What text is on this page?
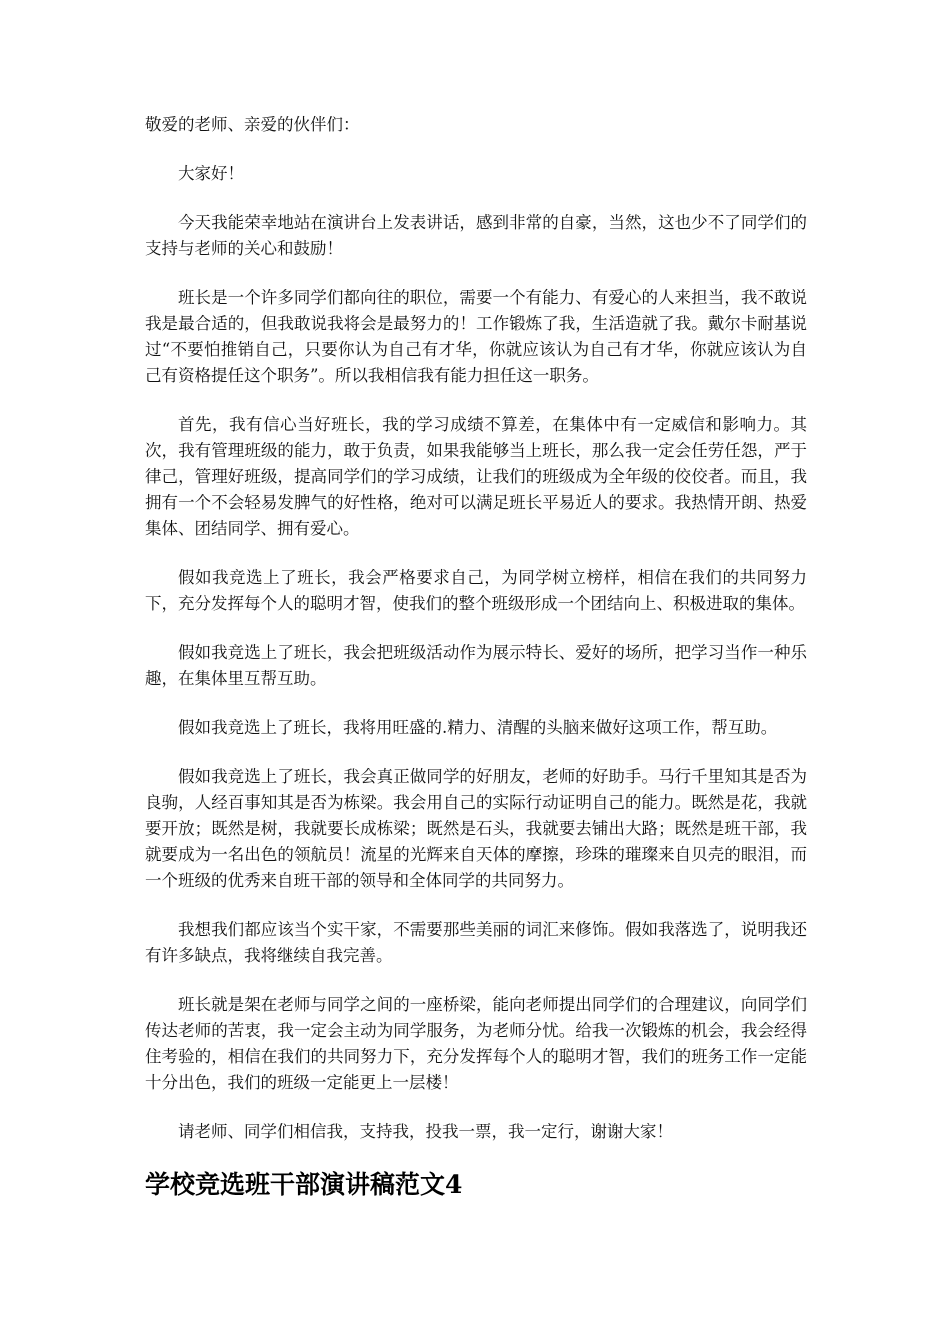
敬爱的老师、亲爱的伙伴们：

大家好！

今天我能荣幸地站在演讲台上发表讲话，感到非常的自豪，当然，这也少不了同学们的支持与老师的关心和鼓励！

班长是一个许多同学们都向往的职位，需要一个有能力、有爱心的人来担当，我不敢说我是最合适的，但我敢说我将会是最努力的！工作锻炼了我，生活造就了我。戴尔卡耐基说过“不要怕推销自己，只要你认为自己有才华，你就应该认为自己有才华，你就应该认为自己有资格提任这个职务”。所以我相信我有能力担任这一职务。

首先，我有信心当好班长，我的学习成绩不算差，在集体中有一定威信和影响力。其次，我有管理班级的能力，敢于负责，如果我能够当上班长，那么我一定会任劳任怨，严于律己，管理好班级，提高同学们的学习成绩，让我们的班级成为全年级的佼佼者。而且，我拥有一个不会轻易发脾气的好性格，绝对可以满足班长平易近人的要求。我热情开朗、热爱集体、团结同学、拥有爱心。

假如我竞选上了班长，我会严格要求自己，为同学树立榜样，相信在我们的共同努力下，充分发挥每个人的聪明才智，使我们的整个班级形成一个团结向上、积极进取的集体。

假如我竞选上了班长，我会把班级活动作为展示特长、爱好的场所，把学习当作一种乐趣，在集体里互帮互助。

假如我竞选上了班长，我将用旺盛的.精力、清醒的头脑来做好这项工作，帮互助。

假如我竞选上了班长，我会真正做同学的好朋友，老师的好助手。马行千里知其是否为良驹，人经百事知其是否为栋梁。我会用自己的实际行动证明自己的能力。既然是花，我就要开放；既然是树，我就要长成栋梁；既然是石头，我就要去铺出大路；既然是班干部，我就要成为一名出色的领航员！流星的光辉来自天体的摩擦，珍珠的璀璨来自贝壳的眼泪，而一个班级的优秀来自班干部的领导和全体同学的共同努力。

我想我们都应该当个实干家，不需要那些美丽的词汇来修饰。假如我落选了，说明我还有许多缺点，我将继续自我完善。

班长就是架在老师与同学之间的一座桥梁，能向老师提出同学们的合理建议，向同学们传达老师的苦衷，我一定会主动为同学服务，为老师分忧。给我一次锻炼的机会，我会经得住考验的，相信在我们的共同努力下，充分发挥每个人的聪明才智，我们的班务工作一定能十分出色，我们的班级一定能更上一层楼！

请老师、同学们相信我，支持我，投我一票，我一定行，谢谢大家！

学校竞选班干部演讲稿范文4
